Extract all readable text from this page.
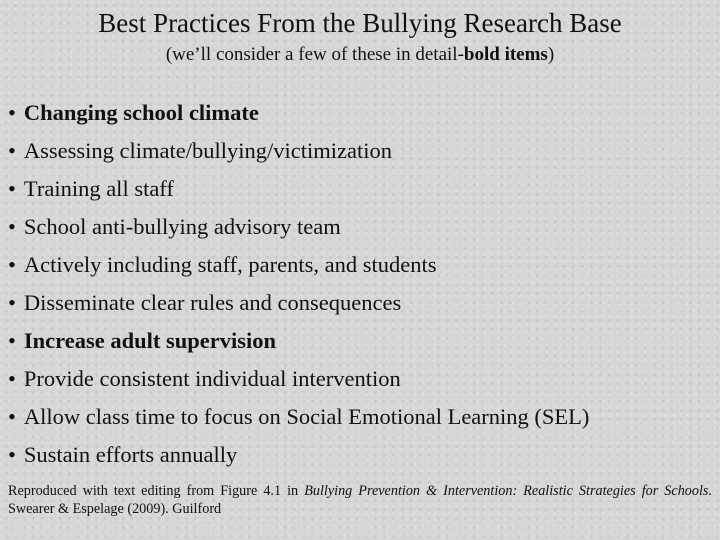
Best Practices From the Bullying Research Base
(we’ll consider a few of these in detail-bold items)
• Changing school climate
• Assessing climate/bullying/victimization
• Training all staff
• School anti-bullying advisory team
• Actively including staff, parents, and students
• Disseminate clear rules and consequences
• Increase adult supervision
• Provide consistent individual intervention
• Allow class time to focus on Social Emotional Learning (SEL)
• Sustain efforts annually
Reproduced with text editing from Figure 4.1 in Bullying Prevention & Intervention: Realistic Strategies for Schools. Swearer & Espelage (2009). Guilford
